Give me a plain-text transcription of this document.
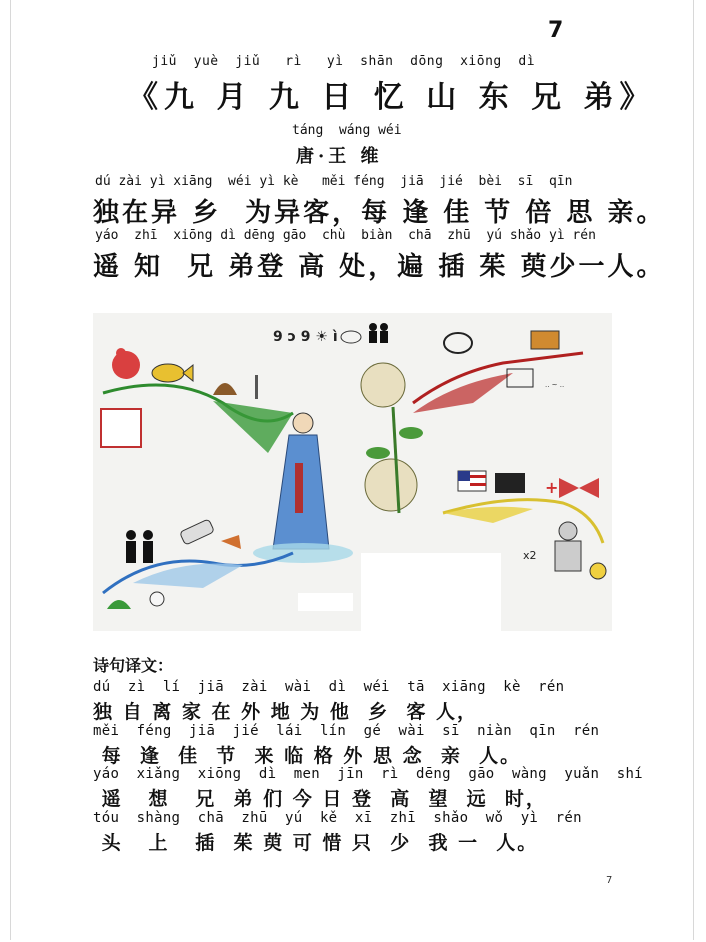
7
jiǔ  yuè  jiǔ   rì   yì  shān  dōng  xiōng  dì
《九 月 九 日 忆 山 东 兄 弟》
táng  wáng wéi
唐·王 维
dú zài yì xiāng  wéi yì kè   měi féng  jiā  jié  bèi  sī  qīn
独在异 乡  为异客，每 逢 佳 节 倍 思 亲。
yáo  zhī  xiōng dì dēng gāo  chù  biàn  chā  zhū  yú shǎo yì rén
遥 知  兄 弟登 高 处，遍 插 茱 萸少一人。
9 ɔ 9 ☀ ì
.. ~ ..
+
x2
诗句译文：
dú  zì  lí  jiā  zài  wài  dì  wéi  tā  xiāng  kè  rén
独 自 离 家 在 外 地 为 他  乡  客 人，
měi  féng  jiā  jié  lái  lín  gé  wài  sī  niàn  qīn  rén
每  逢  佳  节  来 临 格 外 思 念  亲  人。
yáo  xiǎng  xiōng  dì  men  jīn  rì  dēng  gāo  wàng  yuǎn  shí
遥   想   兄  弟 们 今 日 登  高  望  远  时，
tóu  shàng  chā  zhū  yú  kě  xī  zhī  shǎo  wǒ  yì  rén
头   上   插  茱 萸 可 惜 只  少  我 一  人。
7
